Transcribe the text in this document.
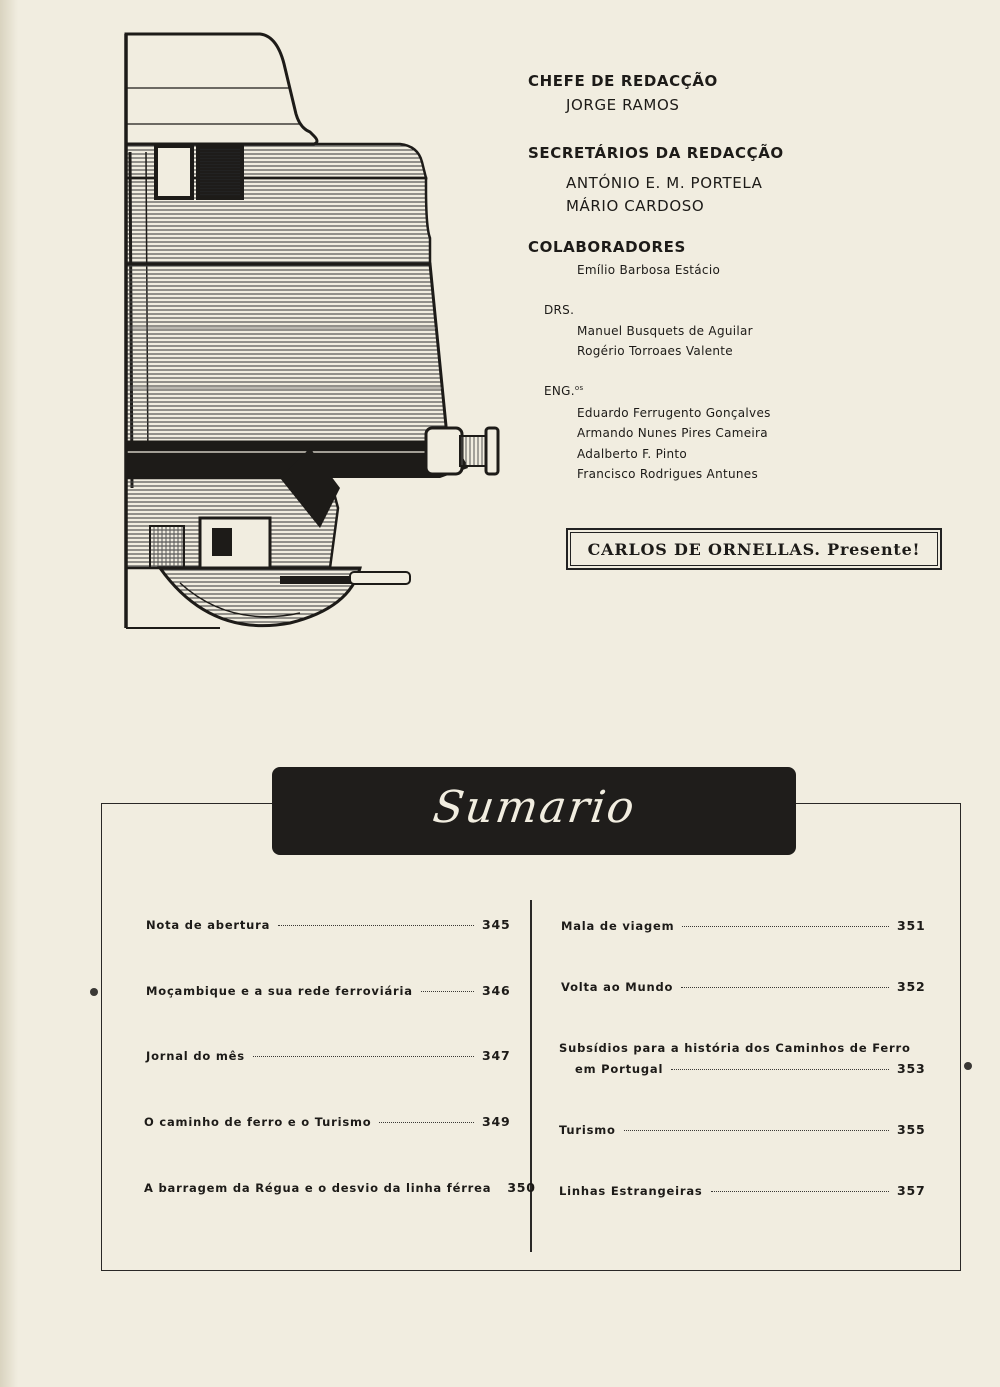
CHEFE DE REDACÇÃO
JORGE RAMOS
SECRETÁRIOS DA REDACÇÃO
ANTÓNIO E. M. PORTELA
MÁRIO CARDOSO
COLABORADORES
Emílio Barbosa Estácio
DRS.
Manuel Busquets de Aguilar
Rogério Torroaes Valente
ENG.$^{os}$
Eduardo Ferrugento Gonçalves
Armando Nunes Pires Cameira
Adalberto F. Pinto
Francisco Rodrigues Antunes
CARLOS DE ORNELLAS. Presente!
Sumario
Nota de abertura	345
Moçambique e a sua rede ferroviária	346
Jornal do mês	347
O caminho de ferro e o Turismo	349
A barragem da Régua e o desvio da linha férrea 350
Mala de viagem	351
Volta ao Mundo	352
Subsídios para a história dos Caminhos de Ferro
em Portugal	353
Turismo	355
Linhas Estrangeiras	357
